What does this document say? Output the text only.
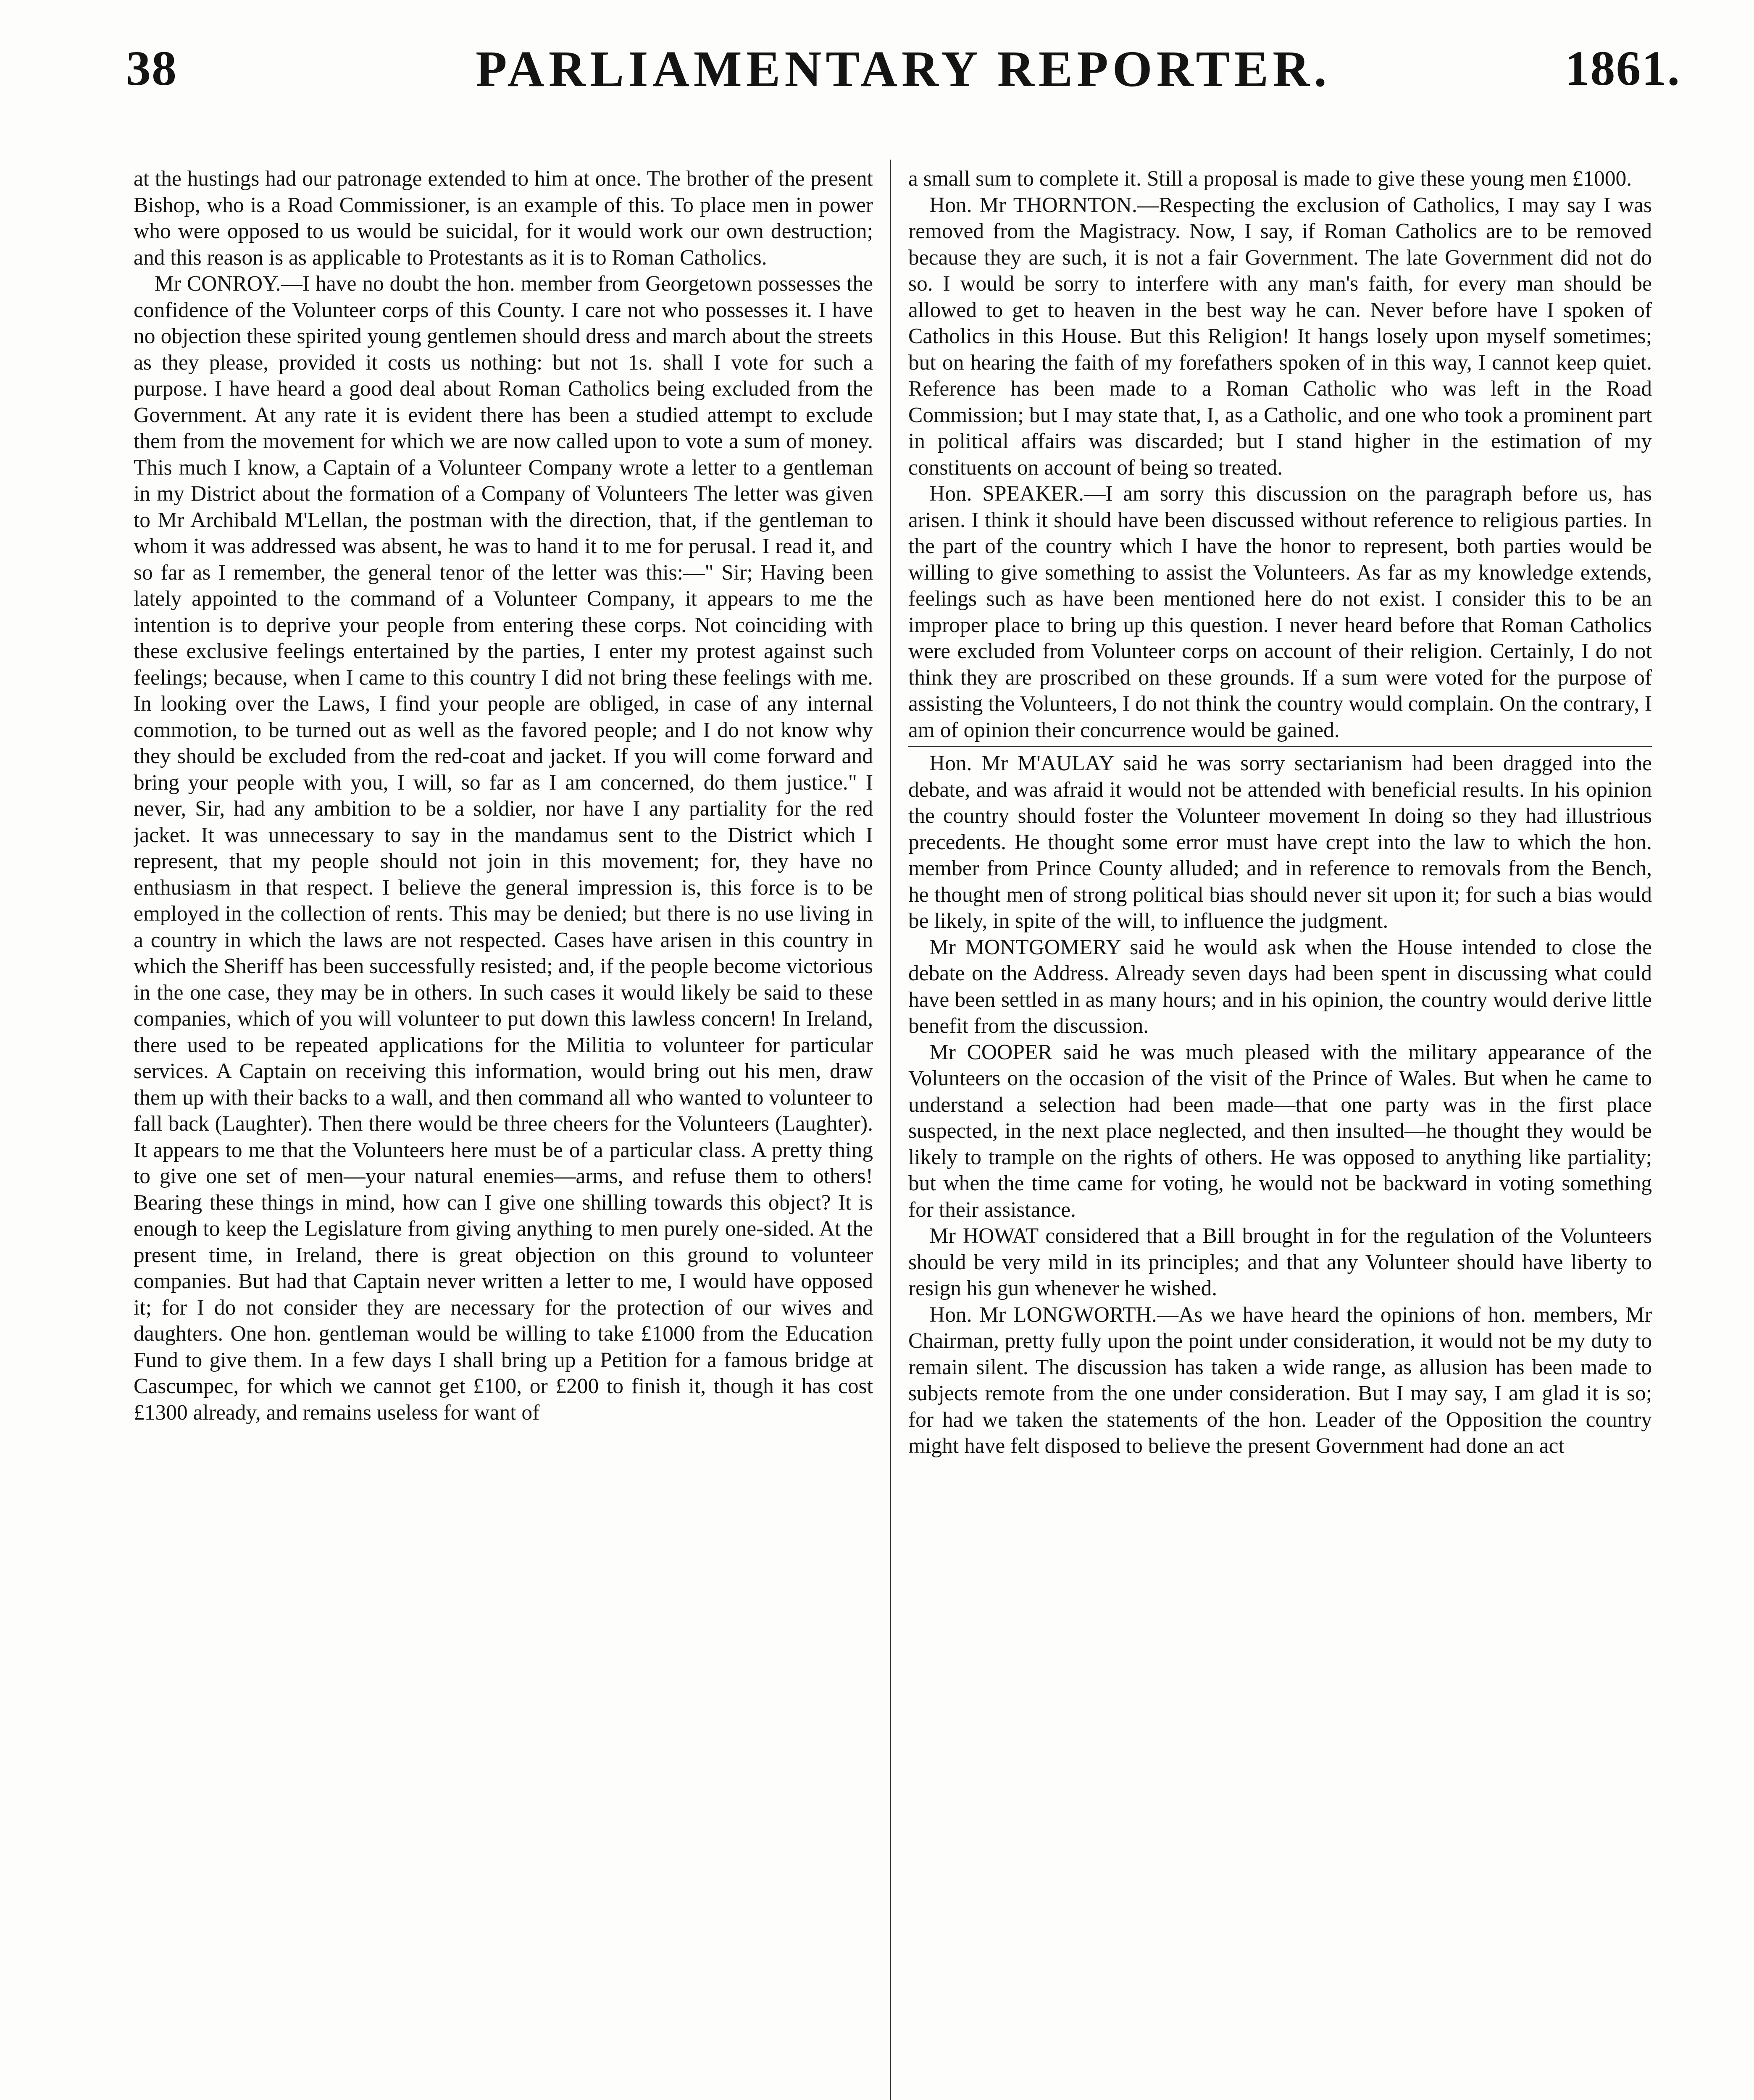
38	PARLIAMENTARY REPORTER.	1861.

at the hustings had our patronage extended to him at once. The brother of the present Bishop, who is a Road Commissioner, is an example of this. To place men in power who were opposed to us would be suicidal, for it would work our own destruction; and this reason is as applicable to Protestants as it is to Roman Catholics.

Mr CONROY.—I have no doubt the hon. member from Georgetown possesses the confidence of the Volunteer corps of this County. I care not who possesses it. I have no objection these spirited young gentlemen should dress and march about the streets as they please, provided it costs us nothing: but not 1s. shall I vote for such a purpose. I have heard a good deal about Roman Catholics being excluded from the Government. At any rate it is evident there has been a studied attempt to exclude them from the movement for which we are now called upon to vote a sum of money. This much I know, a Captain of a Volunteer Company wrote a letter to a gentleman in my District about the formation of a Company of Volunteers The letter was given to Mr Archibald M'Lellan, the postman with the direction, that, if the gentleman to whom it was addressed was absent, he was to hand it to me for perusal. I read it, and so far as I remember, the general tenor of the letter was this:—" Sir; Having been lately appointed to the command of a Volunteer Company, it appears to me the intention is to deprive your people from entering these corps. Not coinciding with these exclusive feelings entertained by the parties, I enter my protest against such feelings; because, when I came to this country I did not bring these feelings with me. In looking over the Laws, I find your people are obliged, in case of any internal commotion, to be turned out as well as the favored people; and I do not know why they should be excluded from the red-coat and jacket. If you will come forward and bring your people with you, I will, so far as I am concerned, do them justice." I never, Sir, had any ambition to be a soldier, nor have I any partiality for the red jacket. It was unnecessary to say in the mandamus sent to the District which I represent, that my people should not join in this movement; for, they have no enthusiasm in that respect. I believe the general impression is, this force is to be employed in the collection of rents. This may be denied; but there is no use living in a country in which the laws are not respected. Cases have arisen in this country in which the Sheriff has been successfully resisted; and, if the people become victorious in the one case, they may be in others. In such cases it would likely be said to these companies, which of you will volunteer to put down this lawless concern! In Ireland, there used to be repeated applications for the Militia to volunteer for particular services. A Captain on receiving this information, would bring out his men, draw them up with their backs to a wall, and then command all who wanted to volunteer to fall back (Laughter). Then there would be three cheers for the Volunteers (Laughter). It appears to me that the Volunteers here must be of a particular class. A pretty thing to give one set of men—your natural enemies—arms, and refuse them to others! Bearing these things in mind, how can I give one shilling towards this object? It is enough to keep the Legislature from giving anything to men purely one-sided. At the present time, in Ireland, there is great objection on this ground to volunteer companies. But had that Captain never written a letter to me, I would have opposed it; for I do not consider they are necessary for the protection of our wives and daughters. One hon. gentleman would be willing to take £1000 from the Education Fund to give them. In a few days I shall bring up a Petition for a famous bridge at Cascumpec, for which we cannot get £100, or £200 to finish it, though it has cost £1300 already, and remains useless for want of

a small sum to complete it. Still a proposal is made to give these young men £1000.

Hon. Mr THORNTON.—Respecting the exclusion of Catholics, I may say I was removed from the Magistracy. Now, I say, if Roman Catholics are to be removed because they are such, it is not a fair Government. The late Government did not do so. I would be sorry to interfere with any man's faith, for every man should be allowed to get to heaven in the best way he can. Never before have I spoken of Catholics in this House. But this Religion! It hangs losely upon myself sometimes; but on hearing the faith of my forefathers spoken of in this way, I cannot keep quiet. Reference has been made to a Roman Catholic who was left in the Road Commission; but I may state that, I, as a Catholic, and one who took a prominent part in political affairs was discarded; but I stand higher in the estimation of my constituents on account of being so treated.

Hon. SPEAKER.—I am sorry this discussion on the paragraph before us, has arisen. I think it should have been discussed without reference to religious parties. In the part of the country which I have the honor to represent, both parties would be willing to give something to assist the Volunteers. As far as my knowledge extends, feelings such as have been mentioned here do not exist. I consider this to be an improper place to bring up this question. I never heard before that Roman Catholics were excluded from Volunteer corps on account of their religion. Certainly, I do not think they are proscribed on these grounds. If a sum were voted for the purpose of assisting the Volunteers, I do not think the country would complain. On the contrary, I am of opinion their concurrence would be gained.

Hon. Mr M'AULAY said he was sorry sectarianism had been dragged into the debate, and was afraid it would not be attended with beneficial results. In his opinion the country should foster the Volunteer movement In doing so they had illustrious precedents. He thought some error must have crept into the law to which the hon. member from Prince County alluded; and in reference to removals from the Bench, he thought men of strong political bias should never sit upon it; for such a bias would be likely, in spite of the will, to influence the judgment.

Mr MONTGOMERY said he would ask when the House intended to close the debate on the Address. Already seven days had been spent in discussing what could have been settled in as many hours; and in his opinion, the country would derive little benefit from the discussion.

Mr COOPER said he was much pleased with the military appearance of the Volunteers on the occasion of the visit of the Prince of Wales. But when he came to understand a selection had been made—that one party was in the first place suspected, in the next place neglected, and then insulted—he thought they would be likely to trample on the rights of others. He was opposed to anything like partiality; but when the time came for voting, he would not be backward in voting something for their assistance.

Mr HOWAT considered that a Bill brought in for the regulation of the Volunteers should be very mild in its principles; and that any Volunteer should have liberty to resign his gun whenever he wished.

Hon. Mr LONGWORTH.—As we have heard the opinions of hon. members, Mr Chairman, pretty fully upon the point under consideration, it would not be my duty to remain silent. The discussion has taken a wide range, as allusion has been made to subjects remote from the one under consideration. But I may say, I am glad it is so; for had we taken the statements of the hon. Leader of the Opposition the country might have felt disposed to believe the present Government had done an act
